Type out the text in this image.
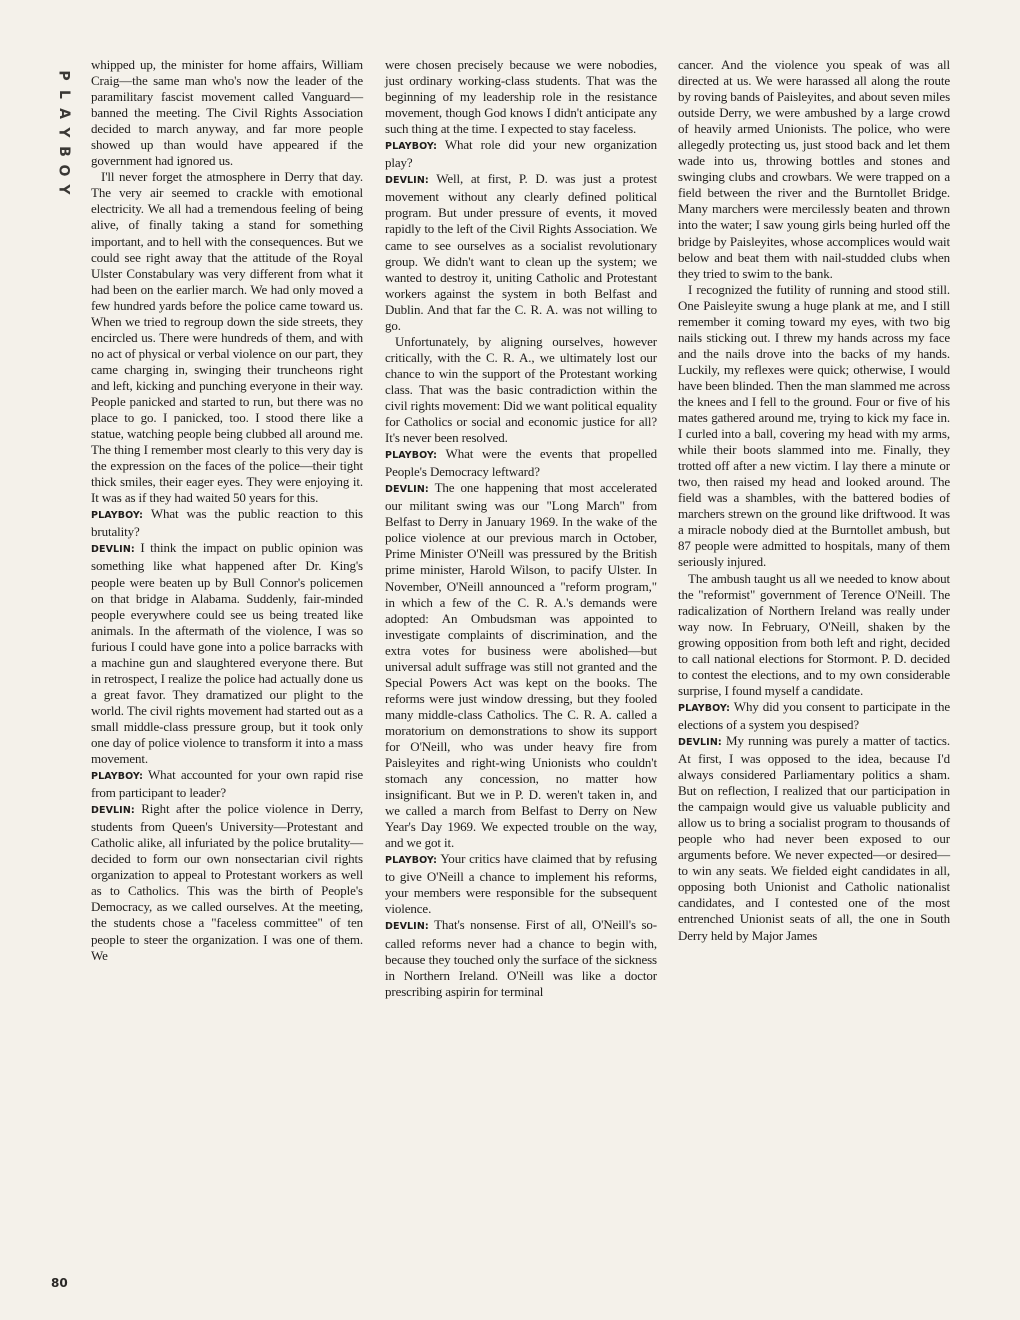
P
L
A
Y
B
O
Y

whipped up, the minister for home affairs, William Craig—the same man who's now the leader of the paramilitary fascist movement called Vanguard—banned the meeting. The Civil Rights Association decided to march anyway, and far more people showed up than would have appeared if the government had ignored us.

I'll never forget the atmosphere in Derry that day. The very air seemed to crackle with emotional electricity. We all had a tremendous feeling of being alive, of finally taking a stand for something important, and to hell with the consequences. But we could see right away that the attitude of the Royal Ulster Constabulary was very different from what it had been on the earlier march. We had only moved a few hundred yards before the police came toward us. When we tried to regroup down the side streets, they encircled us. There were hundreds of them, and with no act of physical or verbal violence on our part, they came charging in, swinging their truncheons right and left, kicking and punching everyone in their way. People panicked and started to run, but there was no place to go. I panicked, too. I stood there like a statue, watching people being clubbed all around me. The thing I remember most clearly to this very day is the expression on the faces of the police—their tight thick smiles, their eager eyes. They were enjoying it. It was as if they had waited 50 years for this.

PLAYBOY: What was the public reaction to this brutality?

DEVLIN: I think the impact on public opinion was something like what happened after Dr. King's people were beaten up by Bull Connor's policemen on that bridge in Alabama. Suddenly, fair-minded people everywhere could see us being treated like animals. In the aftermath of the violence, I was so furious I could have gone into a police barracks with a machine gun and slaughtered everyone there. But in retrospect, I realize the police had actually done us a great favor. They dramatized our plight to the world. The civil rights movement had started out as a small middle-class pressure group, but it took only one day of police violence to transform it into a mass movement.

PLAYBOY: What accounted for your own rapid rise from participant to leader?

DEVLIN: Right after the police violence in Derry, students from Queen's University—Protestant and Catholic alike, all infuriated by the police brutality—decided to form our own nonsectarian civil rights organization to appeal to Protestant workers as well as to Catholics. This was the birth of People's Democracy, as we called ourselves. At the meeting, the students chose a "faceless committee" of ten people to steer the organization. I was one of them. We

were chosen precisely because we were nobodies, just ordinary working-class students. That was the beginning of my leadership role in the resistance movement, though God knows I didn't anticipate any such thing at the time. I expected to stay faceless.

PLAYBOY: What role did your new organization play?

DEVLIN: Well, at first, P. D. was just a protest movement without any clearly defined political program. But under pressure of events, it moved rapidly to the left of the Civil Rights Association. We came to see ourselves as a socialist revolutionary group. We didn't want to clean up the system; we wanted to destroy it, uniting Catholic and Protestant workers against the system in both Belfast and Dublin. And that far the C. R. A. was not willing to go.

Unfortunately, by aligning ourselves, however critically, with the C. R. A., we ultimately lost our chance to win the support of the Protestant working class. That was the basic contradiction within the civil rights movement: Did we want political equality for Catholics or social and economic justice for all? It's never been resolved.

PLAYBOY: What were the events that propelled People's Democracy leftward?

DEVLIN: The one happening that most accelerated our militant swing was our "Long March" from Belfast to Derry in January 1969. In the wake of the police violence at our previous march in October, Prime Minister O'Neill was pressured by the British prime minister, Harold Wilson, to pacify Ulster. In November, O'Neill announced a "reform program," in which a few of the C. R. A.'s demands were adopted: An Ombudsman was appointed to investigate complaints of discrimination, and the extra votes for business were abolished—but universal adult suffrage was still not granted and the Special Powers Act was kept on the books. The reforms were just window dressing, but they fooled many middle-class Catholics. The C. R. A. called a moratorium on demonstrations to show its support for O'Neill, who was under heavy fire from Paisleyites and right-wing Unionists who couldn't stomach any concession, no matter how insignificant. But we in P. D. weren't taken in, and we called a march from Belfast to Derry on New Year's Day 1969. We expected trouble on the way, and we got it.

PLAYBOY: Your critics have claimed that by refusing to give O'Neill a chance to implement his reforms, your members were responsible for the subsequent violence.

DEVLIN: That's nonsense. First of all, O'Neill's so-called reforms never had a chance to begin with, because they touched only the surface of the sickness in Northern Ireland. O'Neill was like a doctor prescribing aspirin for terminal

cancer. And the violence you speak of was all directed at us. We were harassed all along the route by roving bands of Paisleyites, and about seven miles outside Derry, we were ambushed by a large crowd of heavily armed Unionists. The police, who were allegedly protecting us, just stood back and let them wade into us, throwing bottles and stones and swinging clubs and crowbars. We were trapped on a field between the river and the Burntollet Bridge. Many marchers were mercilessly beaten and thrown into the water; I saw young girls being hurled off the bridge by Paisleyites, whose accomplices would wait below and beat them with nail-studded clubs when they tried to swim to the bank.

I recognized the futility of running and stood still. One Paisleyite swung a huge plank at me, and I still remember it coming toward my eyes, with two big nails sticking out. I threw my hands across my face and the nails drove into the backs of my hands. Luckily, my reflexes were quick; otherwise, I would have been blinded. Then the man slammed me across the knees and I fell to the ground. Four or five of his mates gathered around me, trying to kick my face in. I curled into a ball, covering my head with my arms, while their boots slammed into me. Finally, they trotted off after a new victim. I lay there a minute or two, then raised my head and looked around. The field was a shambles, with the battered bodies of marchers strewn on the ground like driftwood. It was a miracle nobody died at the Burntollet ambush, but 87 people were admitted to hospitals, many of them seriously injured.

The ambush taught us all we needed to know about the "reformist" government of Terence O'Neill. The radicalization of Northern Ireland was really under way now. In February, O'Neill, shaken by the growing opposition from both left and right, decided to call national elections for Stormont. P. D. decided to contest the elections, and to my own considerable surprise, I found myself a candidate.

PLAYBOY: Why did you consent to participate in the elections of a system you despised?

DEVLIN: My running was purely a matter of tactics. At first, I was opposed to the idea, because I'd always considered Parliamentary politics a sham. But on reflection, I realized that our participation in the campaign would give us valuable publicity and allow us to bring a socialist program to thousands of people who had never been exposed to our arguments before. We never expected—or desired—to win any seats. We fielded eight candidates in all, opposing both Unionist and Catholic nationalist candidates, and I contested one of the most entrenched Unionist seats of all, the one in South Derry held by Major James

80
